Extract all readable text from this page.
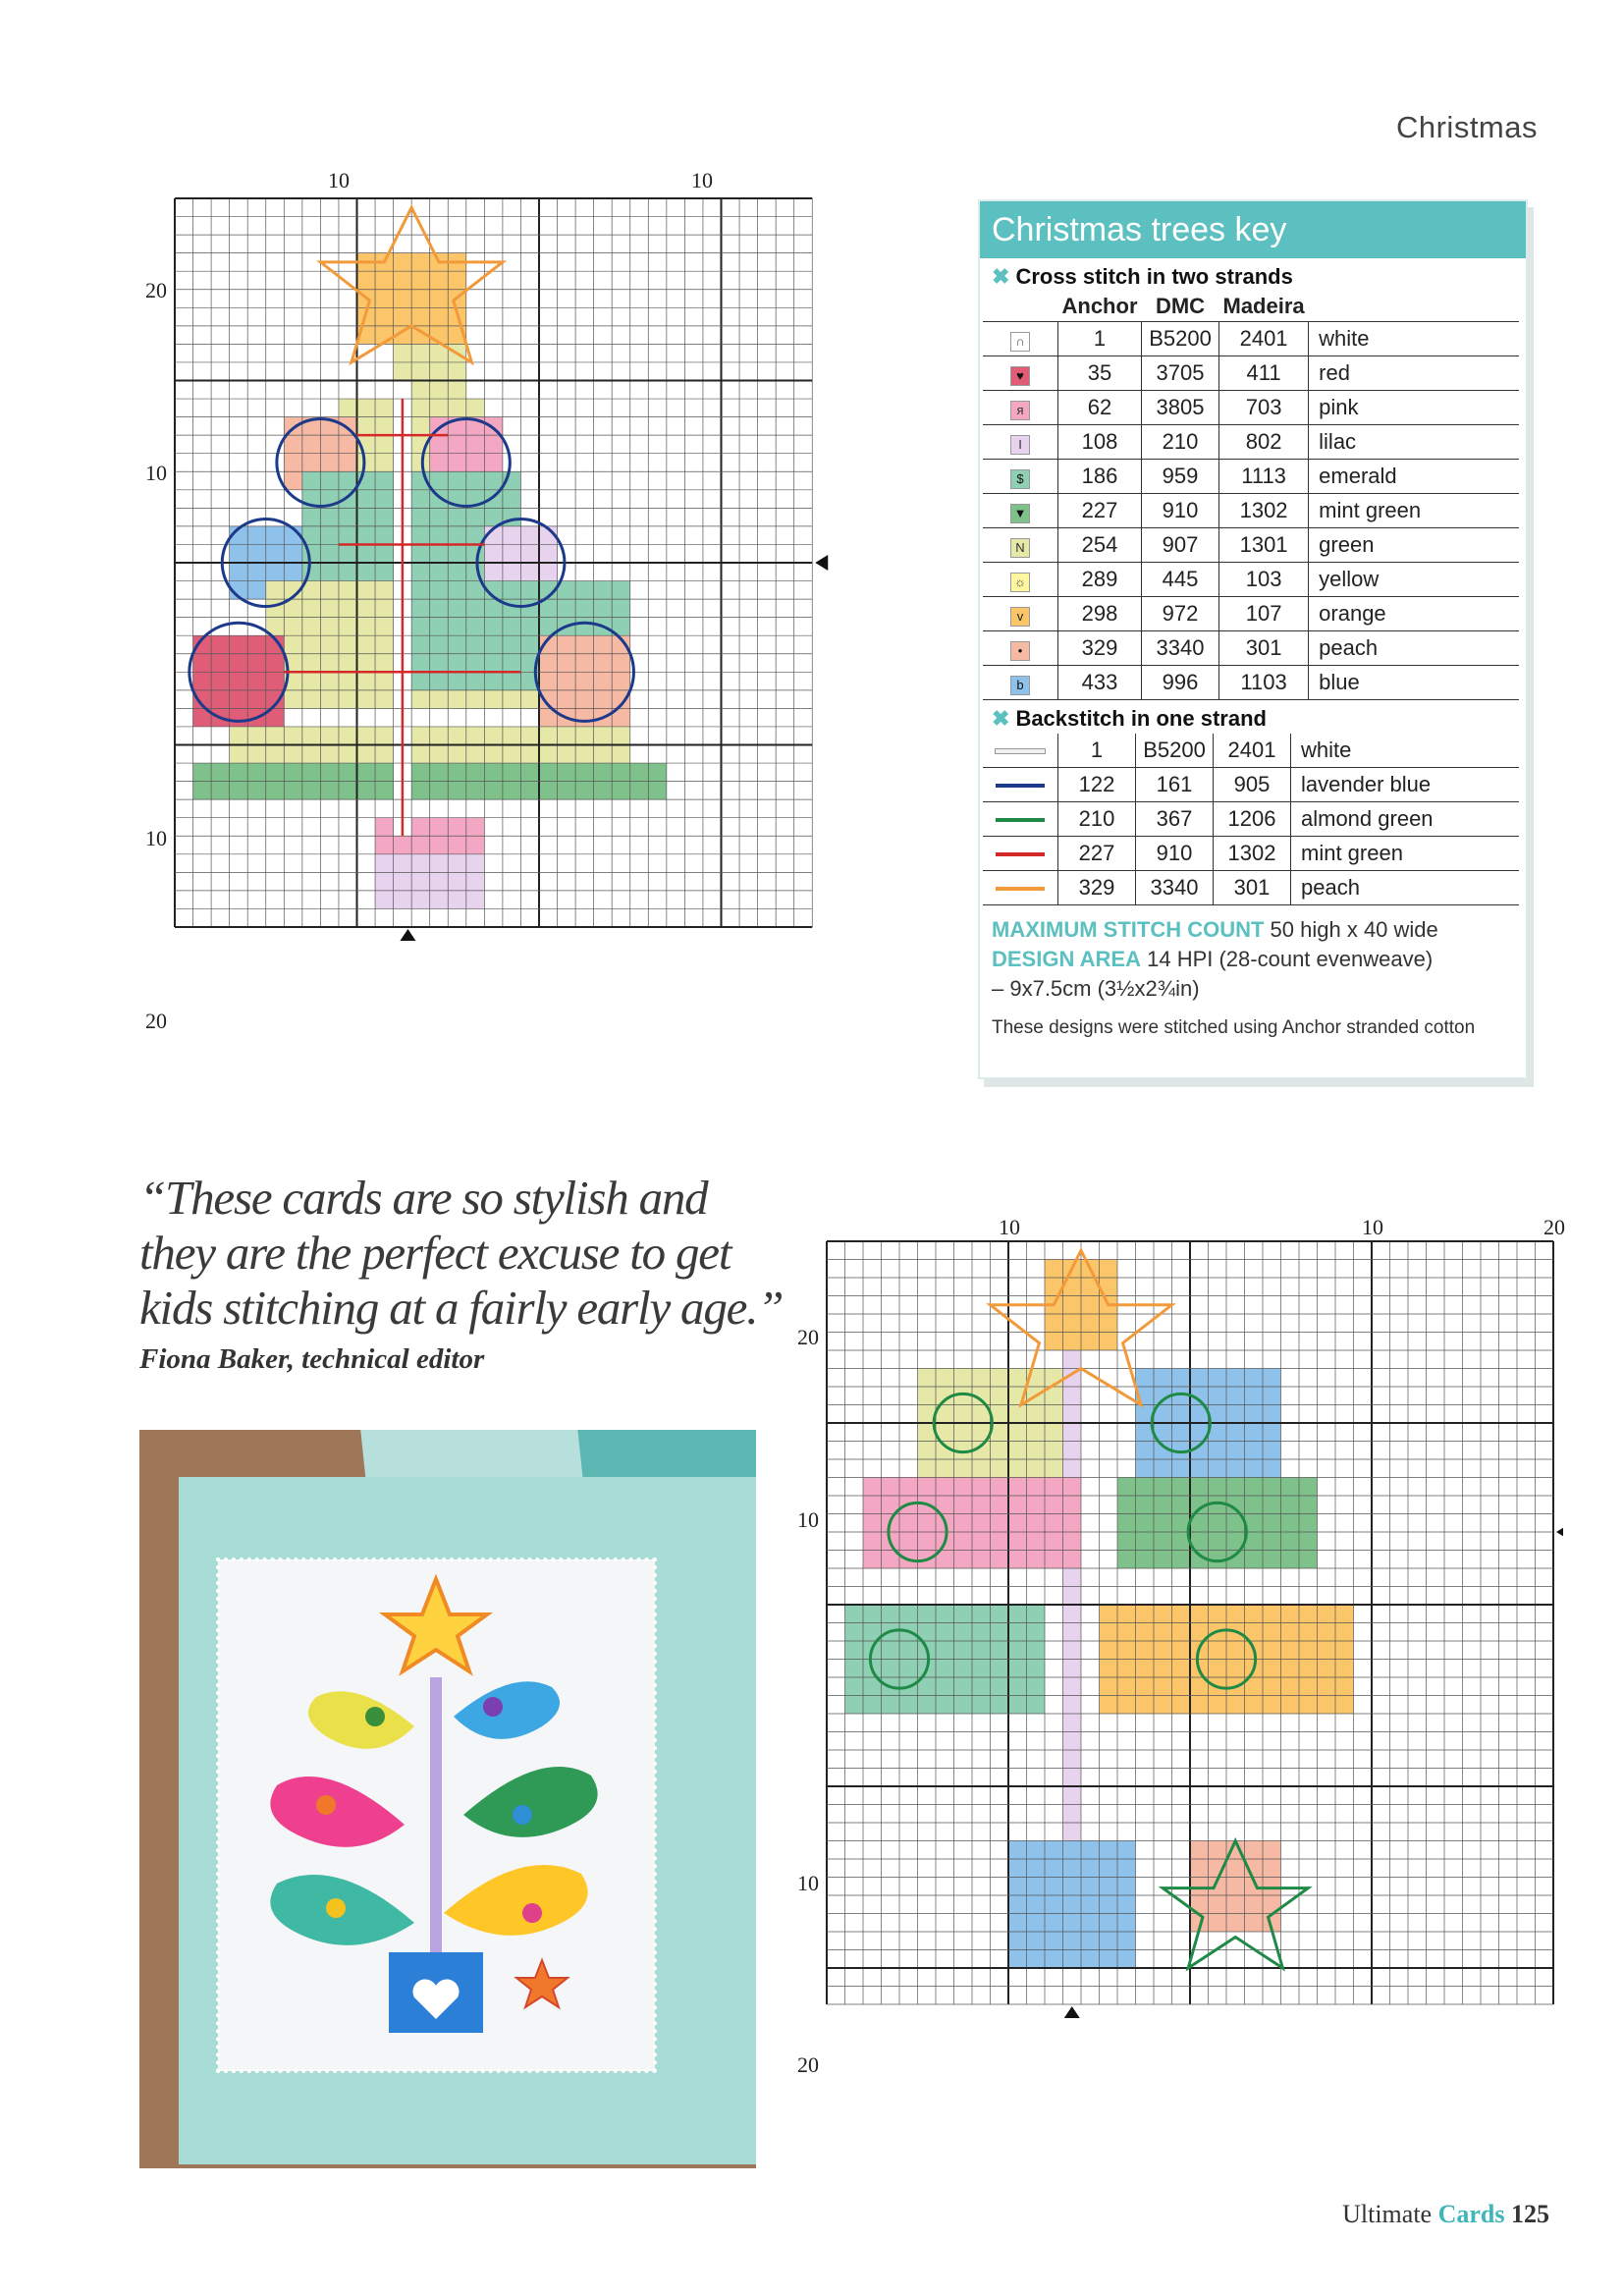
Christmas
10	10
20
10
10
20
Christmas trees key
✖ Cross stitch in two strands
	Anchor	DMC	Madeira	
∩	1	B5200	2401	white
♥	35	3705	411	red
я	62	3805	703	pink
I	108	210	802	lilac
$	186	959	1113	emerald
▼	227	910	1302	mint green
N	254	907	1301	green
☼	289	445	103	yellow
v	298	972	107	orange
•	329	3340	301	peach
b	433	996	1103	blue
✖ Backstitch in one strand
	1	B5200	2401	white
	122	161	905	lavender blue
	210	367	1206	almond green
	227	910	1302	mint green
	329	3340	301	peach
MAXIMUM STITCH COUNT 50 high x 40 wide
DESIGN AREA 14 HPI (28-count evenweave)
– 9x7.5cm (3½x2¾in)
These designs were stitched using Anchor stranded cotton
“These cards are so stylish and they are the perfect excuse to get kids stitching at a fairly early age.”
Fiona Baker, technical editor
10	10	20
20
10
10
20
Ultimate Cards 125
